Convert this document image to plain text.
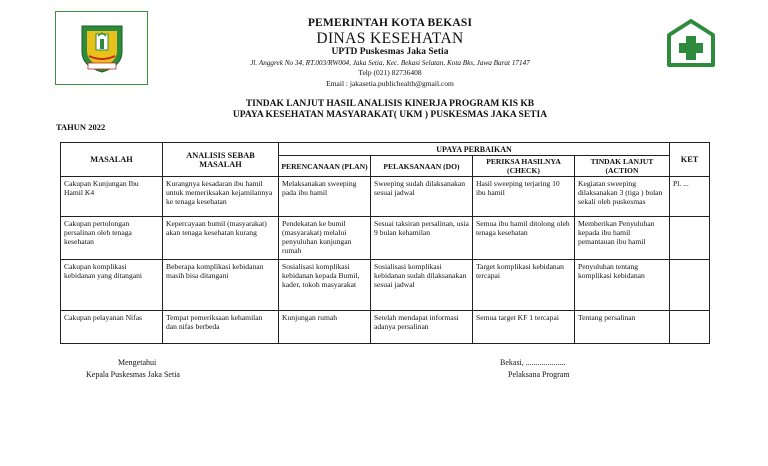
PEMERINTAH KOTA BEKASI
DINAS KESEHATAN
UPTD Puskesmas Jaka Setia
Jl. Anggrek No 34, RT.003/RW004, Jaka Setia, Kec. Bekasi Selatan, Kota Bks, Jawa Barat 17147
Telp (021) 82736408
Email : jakasetia.publichealth@gmail.com
TINDAK LANJUT HASIL ANALISIS KINERJA PROGRAM KIS KB
UPAYA KESEHATAN MASYARAKAT( UKM ) PUSKESMAS JAKA SETIA
TAHUN 2022
MASALAH	ANALISIS SEBAB MASALAH	UPAYA PERBAIKAN				KET
		PERENCANAAN (PLAN)	PELAKSANAAN (DO)	PERIKSA HASILNYA (CHECK)	TINDAK LANJUT (ACTION	
Cakupan Kunjungan Ibu Hamil K4	Kurangnya kesadaran ibu hamil untuk memeriksakan kejamilannya ke tenaga kesehatan	Melaksanakan sweeping pada ibu hamil	Sweeping sudah dilaksanakan sesuai jadwal	Hasil sweeping terjaring 10 ibu hamil	Kegiatan sweeping dilaksanakan 3 (tiga ) bulan sekali oleh puskesmas	Pl. ...
Cakupan pertolongan persalinan oleh tenaga kesehatan	Kepercayaan bumil (masyarakat) akan tenaga kesehatan kurang	Pendekatan ke bumil (masyarakat) melalui penyuluhan kunjungan rumah	Sesuai taksiran persalinan, usia 9 bulan kehamilan	Semua ibu hamil ditolong oleh tenaga kesehatan	Memberikan Penyuluhan kepada ibu hamil pemantauan ibu hamil	
Cakupan komplikasi kebidanan yang ditangani	Beberapa komplikasi kebidanan masih bisa ditangani	Sosialisasi komplikasi kebidanan kepada Bumil, kader, tokoh masyarakat	Sosialisasi komplikasi kebidanan sudah dilaksanakan sesuai jadwal	Target komplikasi kebidanan tercapai	Penyuluhan tentang komplikasi kebidanan	
Cakupan pelayanan Nifas	Tempat pemeriksaan kehamilan dan nifas berbeda	Kunjungan rumah	Setelah mendapat informasi adanya persalinan	Semua target KF 1 tercapai	Tentang persalinan	
Mengetahui
Kepala Puskesmas Jaka Setia
Bekasi, ....................
Pelaksana Program
